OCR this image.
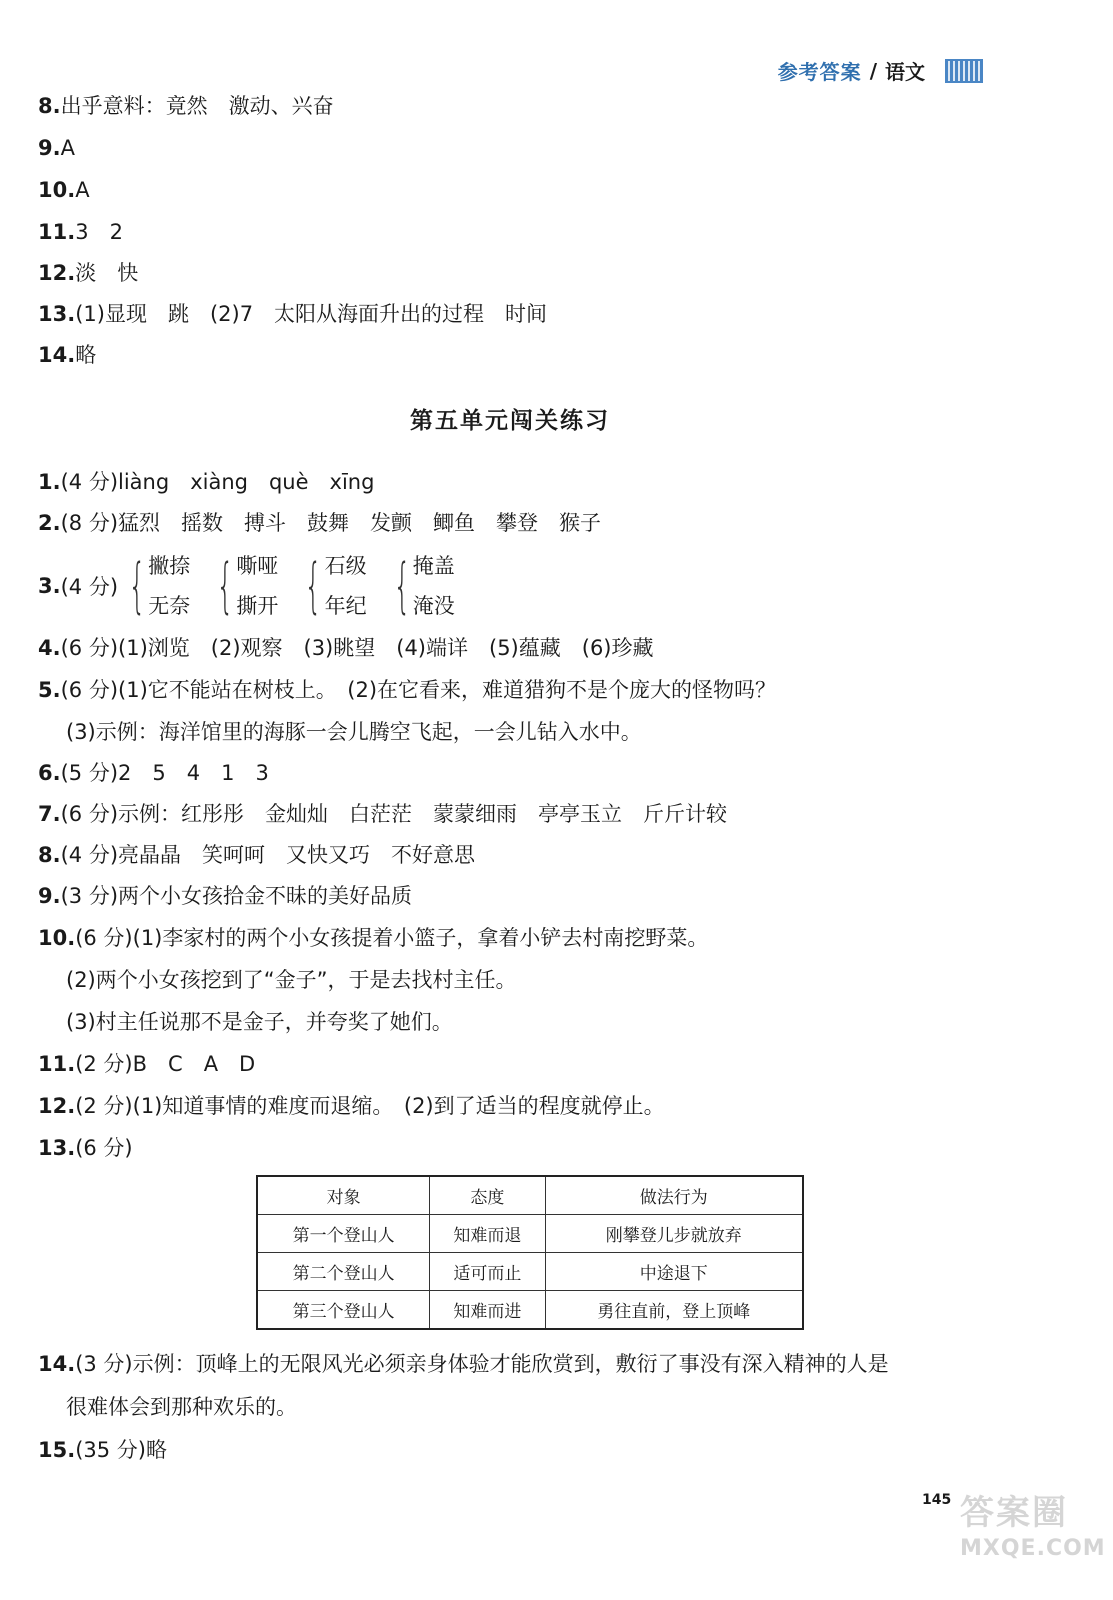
参考答案 / 语文
8.出乎意料：竟然　激动、兴奋
9.A
10.A
11.3　2
12.淡　快
13.(1)显现　跳　(2)7　太阳从海面升出的过程　时间
14.略
第五单元闯关练习
1.(4 分)liàng　xiàng　què　xīng
2.(8 分)猛烈　摇数　搏斗　鼓舞　发颤　鲫鱼　攀登　猴子
3. (4 分) { 撇捺
无奈 { 嘶哑
撕开 { 石级
年纪 { 掩盖
淹没
4.(6 分)(1)浏览　(2)观察　(3)眺望　(4)端详　(5)蕴藏　(6)珍藏
5.(6 分)(1)它不能站在树枝上。　(2)在它看来，难道猎狗不是个庞大的怪物吗？
(3)示例：海洋馆里的海豚一会儿腾空飞起，一会儿钻入水中。
6.(5 分)2　5　4　1　3
7.(6 分)示例：红彤彤　金灿灿　白茫茫　蒙蒙细雨　亭亭玉立　斤斤计较
8.(4 分)亮晶晶　笑呵呵　又快又巧　不好意思
9.(3 分)两个小女孩拾金不昧的美好品质
10.(6 分)(1)李家村的两个小女孩提着小篮子，拿着小铲去村南挖野菜。
(2)两个小女孩挖到了“金子”，于是去找村主任。
(3)村主任说那不是金子，并夸奖了她们。
11.(2 分)B　C　A　D
12.(2 分)(1)知道事情的难度而退缩。　(2)到了适当的程度就停止。
13.(6 分)
对象	态度	做法行为
第一个登山人	知难而退	刚攀登儿步就放弃
第二个登山人	适可而止	中途退下
第三个登山人	知难而进	勇往直前，登上顶峰
14.(3 分)示例：顶峰上的无限风光必须亲身体验才能欣赏到，敷衍了事没有深入精神的人是
很难体会到那种欢乐的。
15.(35 分)略
145 答案圈
MXQE.COM
